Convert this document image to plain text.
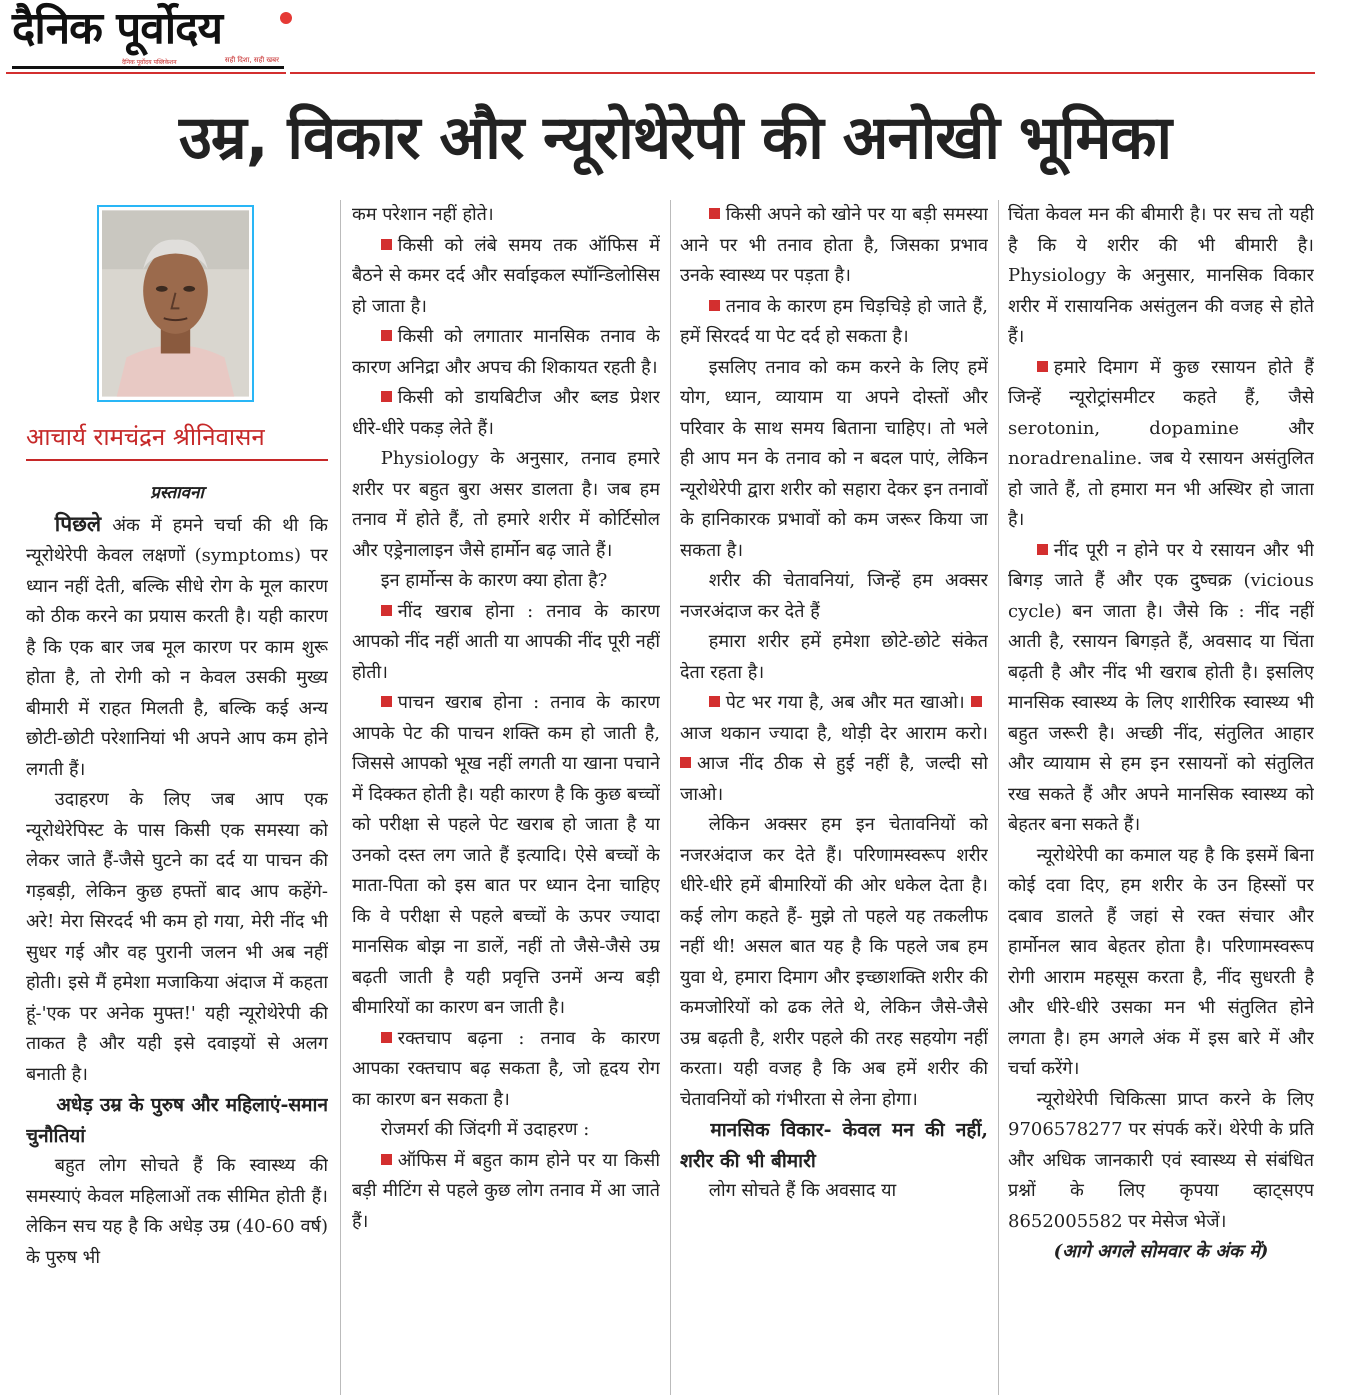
दैनिक पूर्वोदय
दैनिक पूर्वोदय पब्लिकेशन	सही दिशा, सही खबर
उम्र, विकार और न्यूरोथेरेपी की अनोखी भूमिका
आचार्य रामचंद्रन श्रीनिवासन

प्रस्तावना

पिछले अंक में हमने चर्चा की थी कि न्यूरोथेरेपी केवल लक्षणों (symptoms) पर ध्यान नहीं देती, बल्कि सीधे रोग के मूल कारण को ठीक करने का प्रयास करती है। यही कारण है कि एक बार जब मूल कारण पर काम शुरू होता है, तो रोगी को न केवल उसकी मुख्य बीमारी में राहत मिलती है, बल्कि कई अन्य छोटी-छोटी परेशानियां भी अपने आप कम होने लगती हैं।

उदाहरण के लिए जब आप एक न्यूरोथेरेपिस्ट के पास किसी एक समस्या को लेकर जाते हैं-जैसे घुटने का दर्द या पाचन की गड़बड़ी, लेकिन कुछ हफ्तों बाद आप कहेंगे- अरे! मेरा सिरदर्द भी कम हो गया, मेरी नींद भी सुधर गई और वह पुरानी जलन भी अब नहीं होती। इसे मैं हमेशा मजाकिया अंदाज में कहता हूं-'एक पर अनेक मुफ्त!' यही न्यूरोथेरेपी की ताकत है और यही इसे दवाइयों से अलग बनाती है।

अधेड़ उम्र के पुरुष और महिलाएं-समान चुनौतियां

बहुत लोग सोचते हैं कि स्वास्थ्य की समस्याएं केवल महिलाओं तक सीमित होती हैं। लेकिन सच यह है कि अधेड़ उम्र (40-60 वर्ष) के पुरुष भी

कम परेशान नहीं होते।

किसी को लंबे समय तक ऑफिस में बैठने से कमर दर्द और सर्वाइकल स्पॉन्डिलोसिस हो जाता है।

किसी को लगातार मानसिक तनाव के कारण अनिद्रा और अपच की शिकायत रहती है।

किसी को डायबिटीज और ब्लड प्रेशर धीरे-धीरे पकड़ लेते हैं।

Physiology के अनुसार, तनाव हमारे शरीर पर बहुत बुरा असर डालता है। जब हम तनाव में होते हैं, तो हमारे शरीर में कोर्टिसोल और एड्रेनालाइन जैसे हार्मोन बढ़ जाते हैं।

इन हार्मोन्स के कारण क्या होता है?

नींद खराब होना : तनाव के कारण आपको नींद नहीं आती या आपकी नींद पूरी नहीं होती।

पाचन खराब होना : तनाव के कारण आपके पेट की पाचन शक्ति कम हो जाती है, जिससे आपको भूख नहीं लगती या खाना पचाने में दिक्कत होती है। यही कारण है कि कुछ बच्चों को परीक्षा से पहले पेट खराब हो जाता है या उनको दस्त लग जाते हैं इत्यादि। ऐसे बच्चों के माता-पिता को इस बात पर ध्यान देना चाहिए कि वे परीक्षा से पहले बच्चों के ऊपर ज्यादा मानसिक बोझ ना डालें, नहीं तो जैसे-जैसे उम्र बढ़ती जाती है यही प्रवृत्ति उनमें अन्य बड़ी बीमारियों का कारण बन जाती है।

रक्तचाप बढ़ना : तनाव के कारण आपका रक्तचाप बढ़ सकता है, जो हृदय रोग का कारण बन सकता है।

रोजमर्रा की जिंदगी में उदाहरण :

ऑफिस में बहुत काम होने पर या किसी बड़ी मीटिंग से पहले कुछ लोग तनाव में आ जाते हैं।

किसी अपने को खोने पर या बड़ी समस्या आने पर भी तनाव होता है, जिसका प्रभाव उनके स्वास्थ्य पर पड़ता है।

तनाव के कारण हम चिड़चिड़े हो जाते हैं, हमें सिरदर्द या पेट दर्द हो सकता है।

इसलिए तनाव को कम करने के लिए हमें योग, ध्यान, व्यायाम या अपने दोस्तों और परिवार के साथ समय बिताना चाहिए। तो भले ही आप मन के तनाव को न बदल पाएं, लेकिन न्यूरोथेरेपी द्वारा शरीर को सहारा देकर इन तनावों के हानिकारक प्रभावों को कम जरूर किया जा सकता है।

शरीर की चेतावनियां, जिन्हें हम अक्सर नजरअंदाज कर देते हैं

हमारा शरीर हमें हमेशा छोटे-छोटे संकेत देता रहता है।

पेट भर गया है, अब और मत खाओ। आज थकान ज्यादा है, थोड़ी देर आराम करो। आज नींद ठीक से हुई नहीं है, जल्दी सो जाओ।

लेकिन अक्सर हम इन चेतावनियों को नजरअंदाज कर देते हैं। परिणामस्वरूप शरीर धीरे-धीरे हमें बीमारियों की ओर धकेल देता है। कई लोग कहते हैं- मुझे तो पहले यह तकलीफ नहीं थी! असल बात यह है कि पहले जब हम युवा थे, हमारा दिमाग और इच्छाशक्ति शरीर की कमजोरियों को ढक लेते थे, लेकिन जैसे-जैसे उम्र बढ़ती है, शरीर पहले की तरह सहयोग नहीं करता। यही वजह है कि अब हमें शरीर की चेतावनियों को गंभीरता से लेना होगा।

मानसिक विकार- केवल मन की नहीं, शरीर की भी बीमारी

लोग सोचते हैं कि अवसाद या

चिंता केवल मन की बीमारी है। पर सच तो यही है कि ये शरीर की भी बीमारी है। Physiology के अनुसार, मानसिक विकार शरीर में रासायनिक असंतुलन की वजह से होते हैं।

हमारे दिमाग में कुछ रसायन होते हैं जिन्हें न्यूरोट्रांसमीटर कहते हैं, जैसे serotonin, dopamine और noradrenaline. जब ये रसायन असंतुलित हो जाते हैं, तो हमारा मन भी अस्थिर हो जाता है।

नींद पूरी न होने पर ये रसायन और भी बिगड़ जाते हैं और एक दुष्चक्र (vicious cycle) बन जाता है। जैसे कि : नींद नहीं आती है, रसायन बिगड़ते हैं, अवसाद या चिंता बढ़ती है और नींद भी खराब होती है। इसलिए मानसिक स्वास्थ्य के लिए शारीरिक स्वास्थ्य भी बहुत जरूरी है। अच्छी नींद, संतुलित आहार और व्यायाम से हम इन रसायनों को संतुलित रख सकते हैं और अपने मानसिक स्वास्थ्य को बेहतर बना सकते हैं।

न्यूरोथेरेपी का कमाल यह है कि इसमें बिना कोई दवा दिए, हम शरीर के उन हिस्सों पर दबाव डालते हैं जहां से रक्त संचार और हार्मोनल स्राव बेहतर होता है। परिणामस्वरूप रोगी आराम महसूस करता है, नींद सुधरती है और धीरे-धीरे उसका मन भी संतुलित होने लगता है। हम अगले अंक में इस बारे में और चर्चा करेंगे।

न्यूरोथेरेपी चिकित्सा प्राप्त करने के लिए 9706578277 पर संपर्क करें। थेरेपी के प्रति और अधिक जानकारी एवं स्वास्थ्य से संबंधित प्रश्नों के लिए कृपया व्हाट्सएप 8652005582 पर मेसेज भेजें।

(आगे अगले सोमवार के अंक में)
